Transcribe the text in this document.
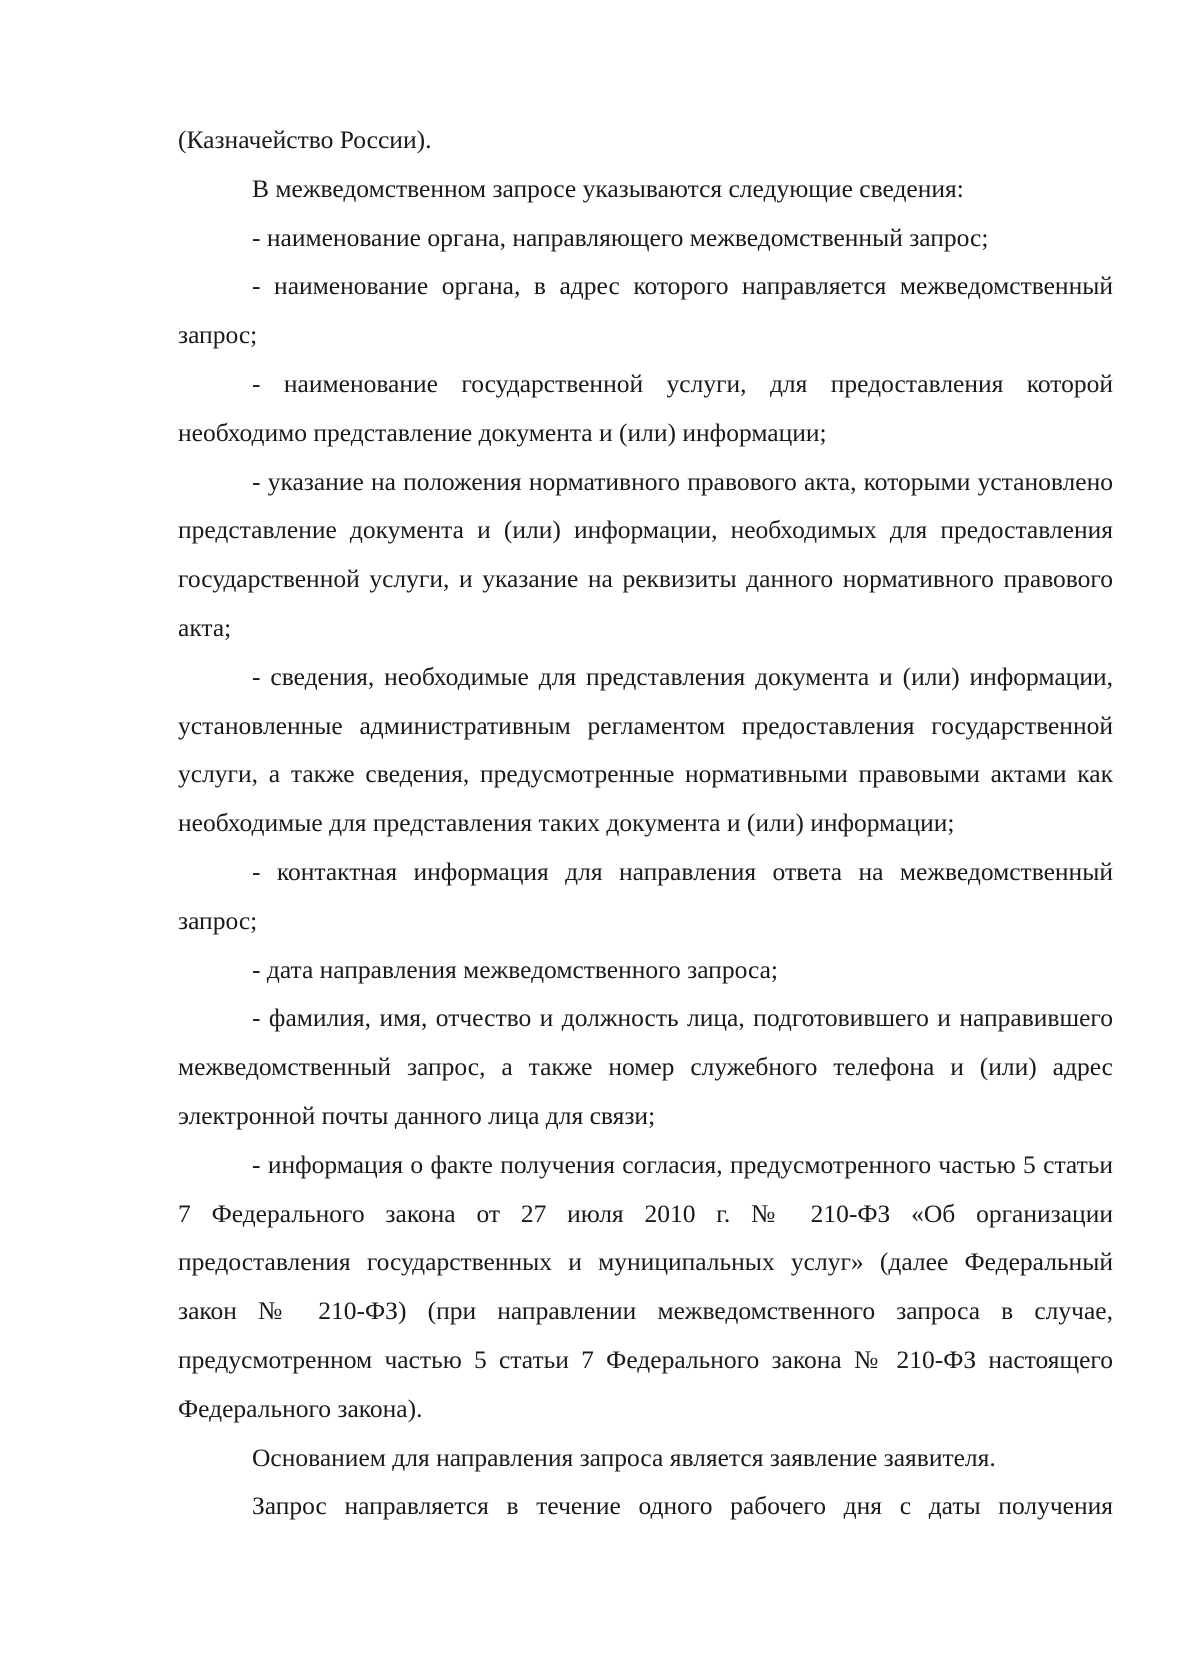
(Казначейство России).

В межведомственном запросе указываются следующие сведения:

- наименование органа, направляющего межведомственный запрос;

- наименование органа, в адрес которого направляется межведомственный запрос;

- наименование государственной услуги, для предоставления которой необходимо представление документа и (или) информации;

- указание на положения нормативного правового акта, которыми установлено представление документа и (или) информации, необходимых для предоставления государственной услуги, и указание на реквизиты данного нормативного правового акта;

- сведения, необходимые для представления документа и (или) информации, установленные административным регламентом предоставления государственной услуги, а также сведения, предусмотренные нормативными правовыми актами как необходимые для представления таких документа и (или) информации;

- контактная информация для направления ответа на межведомственный запрос;

- дата направления межведомственного запроса;

- фамилия, имя, отчество и должность лица, подготовившего и направившего межведомственный запрос, а также номер служебного телефона и (или) адрес электронной почты данного лица для связи;

- информация о факте получения согласия, предусмотренного частью 5 статьи 7 Федерального закона от 27 июля 2010 г. № 210-ФЗ «Об организации предоставления государственных и муниципальных услуг» (далее Федеральный закон № 210-ФЗ) (при направлении межведомственного запроса в случае, предусмотренном частью 5 статьи 7 Федерального закона № 210-ФЗ настоящего Федерального закона).

Основанием для направления запроса является заявление заявителя.

Запрос направляется в течение одного рабочего дня с даты получения
